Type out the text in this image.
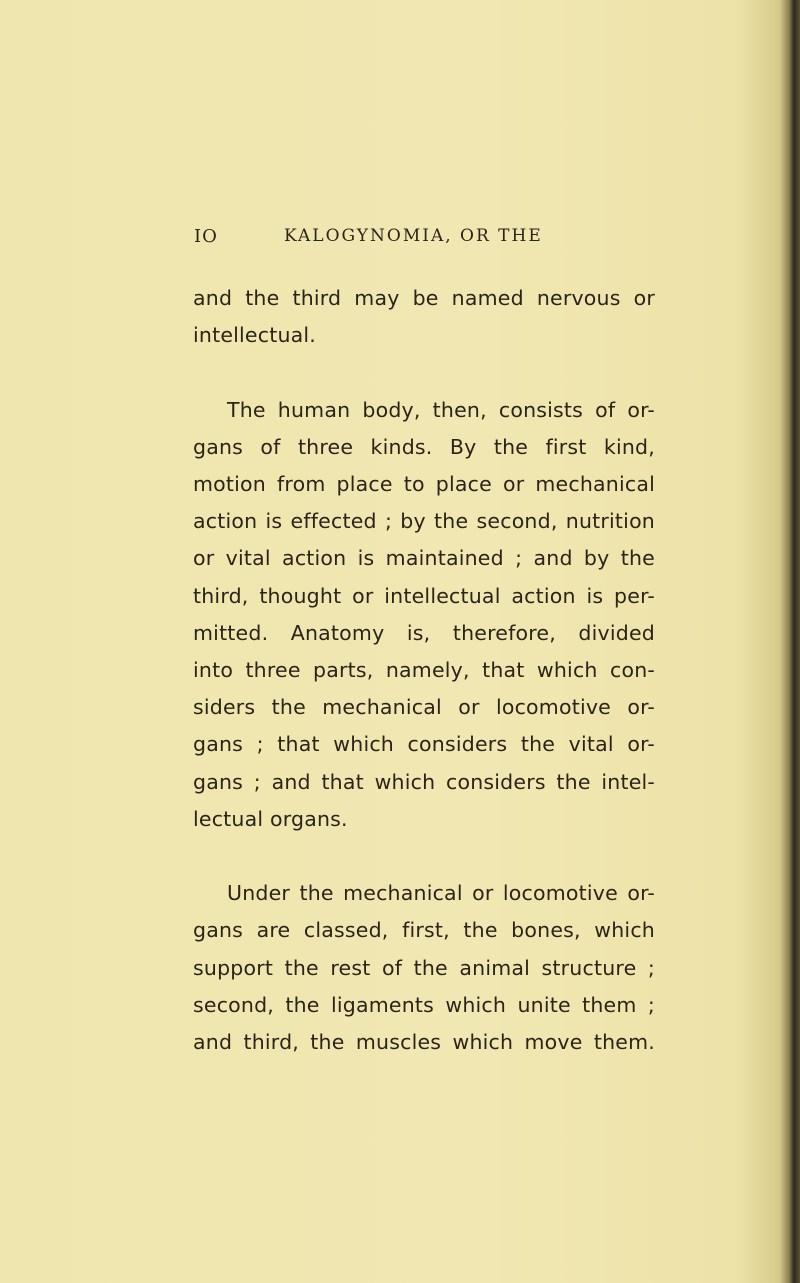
IO	KALOGYNOMIA, OR THE
and the third may be named nervous or
intellectual.
The human body, then, consists of or-
gans of three kinds. By the first kind,
motion from place to place or mechanical
action is effected ; by the second, nutrition
or vital action is maintained ; and by the
third, thought or intellectual action is per-
mitted. Anatomy is, therefore, divided
into three parts, namely, that which con-
siders the mechanical or locomotive or-
gans ; that which considers the vital or-
gans ; and that which considers the intel-
lectual organs.
Under the mechanical or locomotive or-
gans are classed, first, the bones, which
support the rest of the animal structure ;
second, the ligaments which unite them ;
and third, the muscles which move them.
